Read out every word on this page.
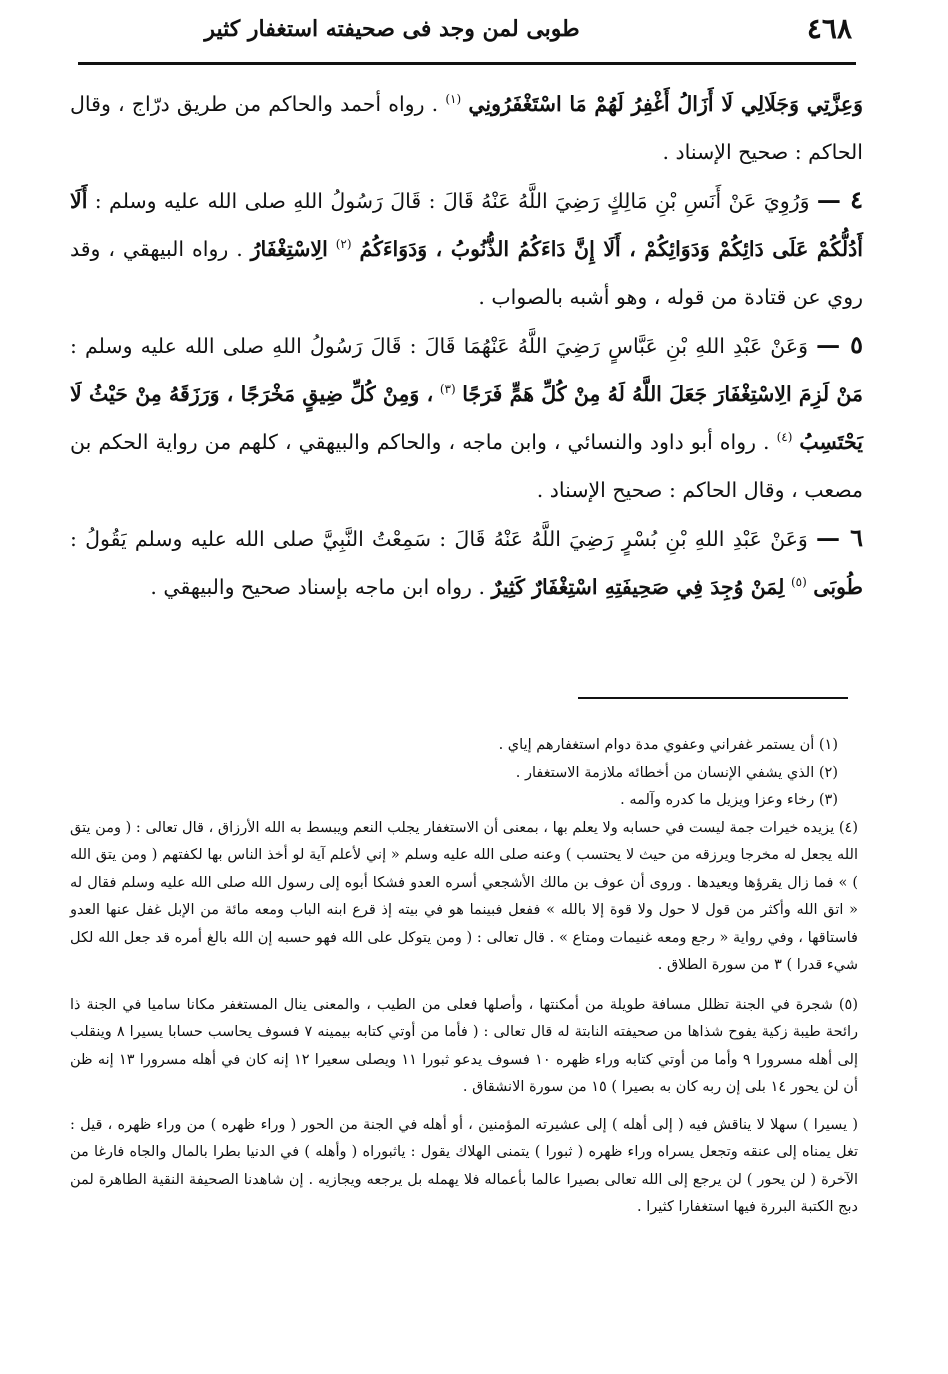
٤٦٨
طوبى لمن وجد فى صحيفته استغفار كثير

وَعِزَّتِي وَجَلَالِي لَا أَزَالُ أَغْفِرُ لَهُمْ مَا اسْتَغْفَرُونِي $^{(١)}$ . رواه أحمد والحاكم من طريق درّاج ، وقال الحاكم : صحيح الإسناد .

٤ — وَرُوِيَ عَنْ أَنَسِ بْنِ مَالِكٍ رَضِيَ اللَّهُ عَنْهُ قَالَ : قَالَ رَسُولُ اللهِ صلى الله عليه وسلم : أَلَا أَدُلُّكُمْ عَلَى دَائِكُمْ وَدَوَائِكُمْ ، أَلَا إِنَّ دَاءَكُمُ الذُّنُوبُ ، وَدَوَاءَكُمُ $^{(٢)}$ الِاسْتِغْفَارُ . رواه البيهقي ، وقد روي عن قتادة من قوله ، وهو أشبه بالصواب .

٥ — وَعَنْ عَبْدِ اللهِ بْنِ عَبَّاسٍ رَضِيَ اللَّهُ عَنْهُمَا قَالَ : قَالَ رَسُولُ اللهِ صلى الله عليه وسلم : مَنْ لَزِمَ الِاسْتِغْفَارَ جَعَلَ اللَّهُ لَهُ مِنْ كُلِّ هَمٍّ فَرَجًا $^{(٣)}$ ، وَمِنْ كُلِّ ضِيقٍ مَخْرَجًا ، وَرَزَقَهُ مِنْ حَيْثُ لَا يَحْتَسِبُ $^{(٤)}$ . رواه أبو داود والنسائي ، وابن ماجه ، والحاكم والبيهقي ، كلهم من رواية الحكم بن مصعب ، وقال الحاكم : صحيح الإسناد .

٦ — وَعَنْ عَبْدِ اللهِ بْنِ بُسْرٍ رَضِيَ اللَّهُ عَنْهُ قَالَ : سَمِعْتُ النَّبِيَّ صلى الله عليه وسلم يَقُولُ : طُوبَى $^{(٥)}$ لِمَنْ وُجِدَ فِي صَحِيفَتِهِ اسْتِغْفَارٌ كَثِيرٌ . رواه ابن ماجه بإسناد صحيح والبيهقي .

(١) أن يستمر غفراني وعفوي مدة دوام استغفارهم إياي .

(٢) الذي يشفي الإنسان من أخطائه ملازمة الاستغفار .

(٣) رخاء وعزا ويزيل ما كدره وآلمه .

(٤) يزيده خيرات جمة ليست في حسابه ولا يعلم بها ، بمعنى أن الاستغفار يجلب النعم ويبسط به الله الأرزاق ، قال تعالى : ( ومن يتق الله يجعل له مخرجا ويرزقه من حيث لا يحتسب ) وعنه صلى الله عليه وسلم « إني لأعلم آية لو أخذ الناس بها لكفتهم ( ومن يتق الله ) » فما زال يقرؤها ويعيدها . وروى أن عوف بن مالك الأشجعي أسره العدو فشكا أبوه إلى رسول الله صلى الله عليه وسلم فقال له « اتق الله وأكثر من قول لا حول ولا قوة إلا بالله » ففعل فبينما هو في بيته إذ قرع ابنه الباب ومعه مائة من الإبل غفل عنها العدو فاستاقها ، وفي رواية « رجع ومعه غنيمات ومتاع » . قال تعالى : ( ومن يتوكل على الله فهو حسبه إن الله بالغ أمره قد جعل الله لكل شيء قدرا ) ٣ من سورة الطلاق .

(٥) شجرة في الجنة تظلل مسافة طويلة من أمكنتها ، وأصلها فعلى من الطيب ، والمعنى ينال المستغفر مكانا ساميا في الجنة ذا رائحة طيبة زكية يفوح شذاها من صحيفته النابتة له قال تعالى : ( فأما من أوتي كتابه بيمينه ٧ فسوف يحاسب حسابا يسيرا ٨ وينقلب إلى أهله مسرورا ٩ وأما من أوتي كتابه وراء ظهره ١٠ فسوف يدعو ثبورا ١١ ويصلى سعيرا ١٢ إنه كان في أهله مسرورا ١٣ إنه ظن أن لن يحور ١٤ بلى إن ربه كان به بصيرا ) ١٥ من سورة الانشقاق .

( يسيرا ) سهلا لا يناقش فيه ( إلى أهله ) إلى عشيرته المؤمنين ، أو أهله في الجنة من الحور ( وراء ظهره ) من وراء ظهره ، قيل : تغل يمناه إلى عنقه وتجعل يسراه وراء ظهره ( ثبورا ) يتمنى الهلاك يقول : ياثبوراه ( وأهله ) في الدنيا بطرا بالمال والجاه فارغا من الآخرة ( لن يحور ) لن يرجع إلى الله تعالى بصيرا عالما بأعماله فلا يهمله بل يرجعه ويجازيه . إن شاهدنا الصحيفة النقية الطاهرة لمن دبج الكتبة البررة فيها استغفارا كثيرا .
